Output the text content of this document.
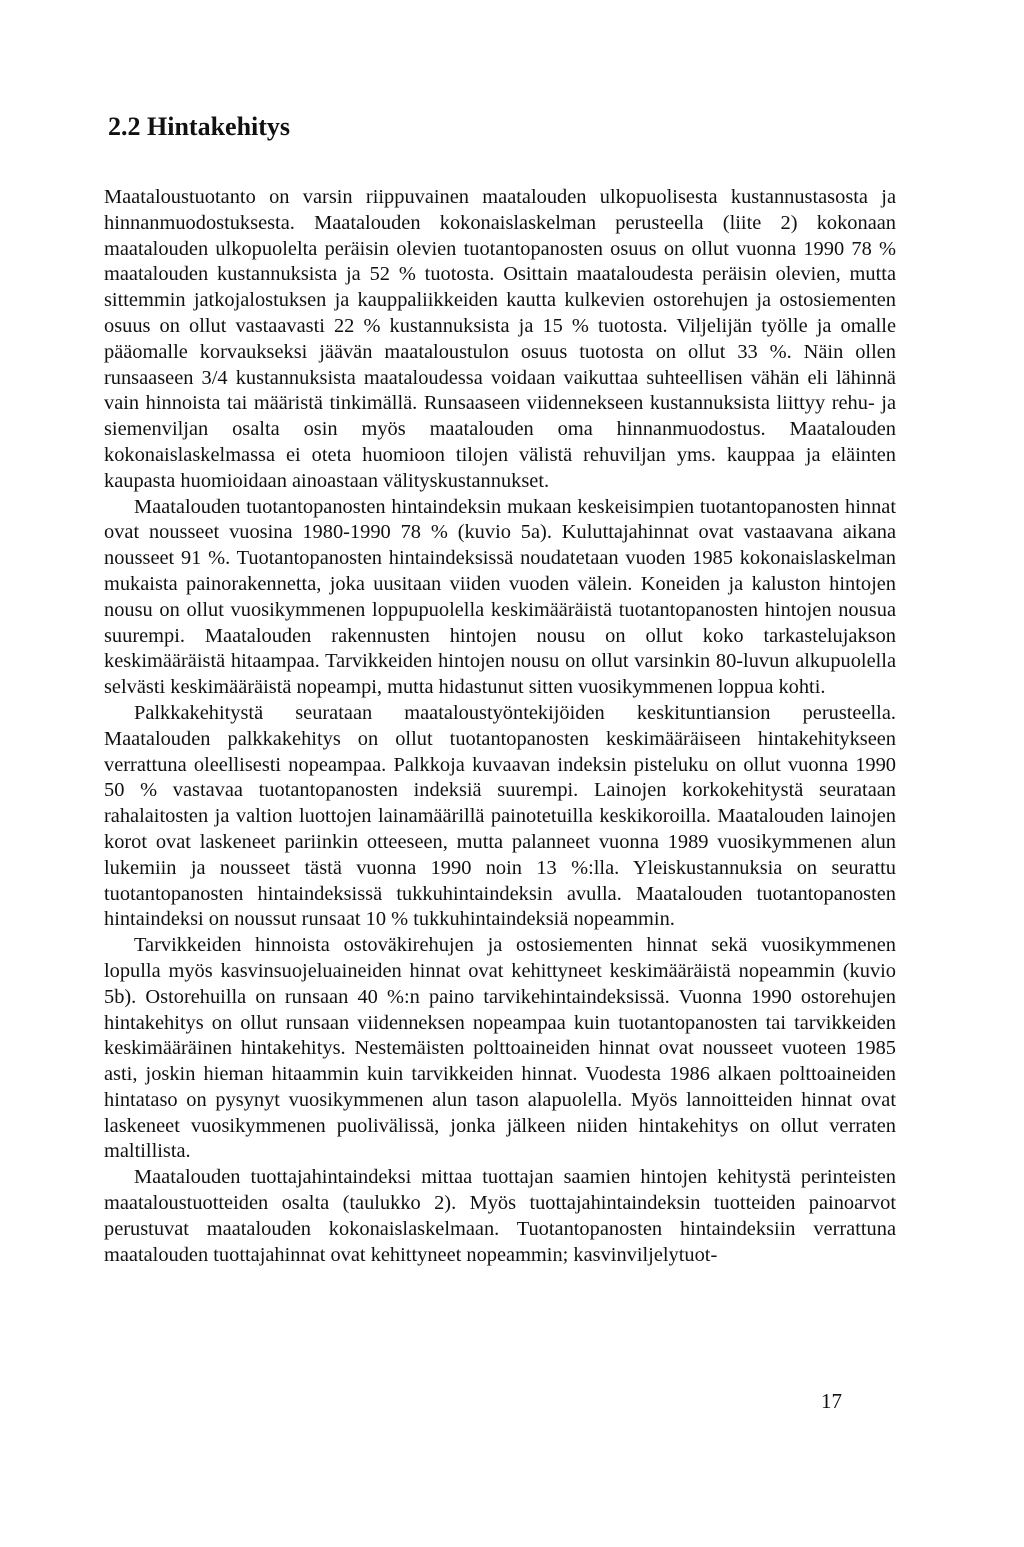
2.2 Hintakehitys

Maataloustuotanto on varsin riippuvainen maatalouden ulkopuolisesta kustannustasosta ja hinnanmuodostuksesta. Maatalouden kokonaislaskelman perusteella (liite 2) kokonaan maatalouden ulkopuolelta peräisin olevien tuotantopanosten osuus on ollut vuonna 1990 78 % maatalouden kustannuksista ja 52 % tuotosta. Osittain maataloudesta peräisin olevien, mutta sittemmin jatkojalostuksen ja kauppaliikkeiden kautta kulkevien ostorehujen ja ostosiementen osuus on ollut vastaavasti 22 % kustannuksista ja 15 % tuotosta. Viljelijän työlle ja omalle pääomalle korvaukseksi jäävän maataloustulon osuus tuotosta on ollut 33 %. Näin ollen runsaaseen 3/4 kustannuksista maataloudessa voidaan vaikuttaa suhteellisen vähän eli lähinnä vain hinnoista tai määristä tinkimällä. Runsaaseen viidennekseen kustannuksista liittyy rehu- ja siemenviljan osalta osin myös maatalouden oma hinnanmuodostus. Maatalouden kokonaislaskelmassa ei oteta huomioon tilojen välistä rehuviljan yms. kauppaa ja eläinten kaupasta huomioidaan ainoastaan välityskustannukset.

Maatalouden tuotantopanosten hintaindeksin mukaan keskeisimpien tuotantopanosten hinnat ovat nousseet vuosina 1980-1990 78 % (kuvio 5a). Kuluttajahinnat ovat vastaavana aikana nousseet 91 %. Tuotantopanosten hintaindeksissä noudatetaan vuoden 1985 kokonaislaskelman mukaista painorakennetta, joka uusitaan viiden vuoden välein. Koneiden ja kaluston hintojen nousu on ollut vuosikymmenen loppupuolella keskimääräistä tuotantopanosten hintojen nousua suurempi. Maatalouden rakennusten hintojen nousu on ollut koko tarkastelujakson keskimääräistä hitaampaa. Tarvikkeiden hintojen nousu on ollut varsinkin 80-luvun alkupuolella selvästi keskimääräistä nopeampi, mutta hidastunut sitten vuosikymmenen loppua kohti.

Palkkakehitystä seurataan maataloustyöntekijöiden keskituntiansion perusteella. Maatalouden palkkakehitys on ollut tuotantopanosten keskimääräiseen hintakehitykseen verrattuna oleellisesti nopeampaa. Palkkoja kuvaavan indeksin pisteluku on ollut vuonna 1990 50 % vastavaa tuotantopanosten indeksiä suurempi. Lainojen korkokehitystä seurataan rahalaitosten ja valtion luottojen lainamäärillä painotetuilla keskikoroilla. Maatalouden lainojen korot ovat laskeneet pariinkin otteeseen, mutta palanneet vuonna 1989 vuosikymmenen alun lukemiin ja nousseet tästä vuonna 1990 noin 13 %:lla. Yleiskustannuksia on seurattu tuotantopanosten hintaindeksissä tukkuhintaindeksin avulla. Maatalouden tuotantopanosten hintaindeksi on noussut runsaat 10 % tukkuhintaindeksiä nopeammin.

Tarvikkeiden hinnoista ostoväkirehujen ja ostosiementen hinnat sekä vuosikymmenen lopulla myös kasvinsuojeluaineiden hinnat ovat kehittyneet keskimääräistä nopeammin (kuvio 5b). Ostorehuilla on runsaan 40 %:n paino tarvikehintaindeksissä. Vuonna 1990 ostorehujen hintakehitys on ollut runsaan viidenneksen nopeampaa kuin tuotantopanosten tai tarvikkeiden keskimääräinen hintakehitys. Nestemäisten polttoaineiden hinnat ovat nousseet vuoteen 1985 asti, joskin hieman hitaammin kuin tarvikkeiden hinnat. Vuodesta 1986 alkaen polttoaineiden hintataso on pysynyt vuosikymmenen alun tason alapuolella. Myös lannoitteiden hinnat ovat laskeneet vuosikymmenen puolivälissä, jonka jälkeen niiden hintakehitys on ollut verraten maltillista.

Maatalouden tuottajahintaindeksi mittaa tuottajan saamien hintojen kehitystä perinteisten maataloustuotteiden osalta (taulukko 2). Myös tuottajahintaindeksin tuotteiden painoarvot perustuvat maatalouden kokonaislaskelmaan. Tuotantopanosten hintaindeksiin verrattuna maatalouden tuottajahinnat ovat kehittyneet nopeammin; kasvinviljelytuot-

17
